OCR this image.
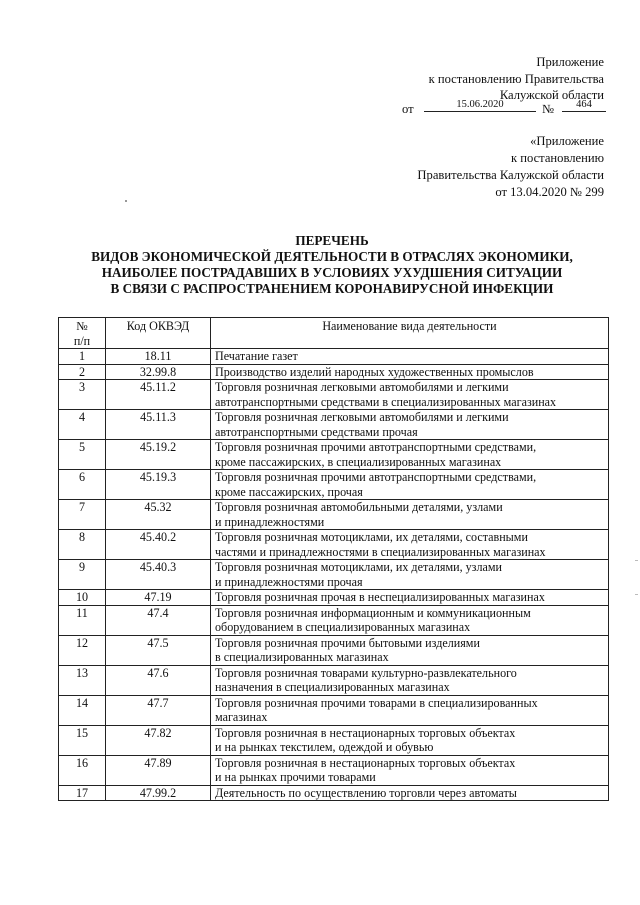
Приложение
к постановлению Правительства
Калужской области
от	15.06.2020	№	464
«Приложение
к постановлению
Правительства Калужской области
от 13.04.2020 № 299
ПЕРЕЧЕНЬ
ВИДОВ ЭКОНОМИЧЕСКОЙ ДЕЯТЕЛЬНОСТИ В ОТРАСЛЯХ ЭКОНОМИКИ,
НАИБОЛЕЕ ПОСТРАДАВШИХ В УСЛОВИЯХ УХУДШЕНИЯ СИТУАЦИИ
В СВЯЗИ С РАСПРОСТРАНЕНИЕМ КОРОНАВИРУСНОЙ ИНФЕКЦИИ
№
п/п	Код ОКВЭД	Наименование вида деятельности
1	18.11	Печатание газет

2	32.99.8	Производство изделий народных художественных промыслов

3	45.11.2	Торговля розничная легковыми автомобилями и легкими
автотранспортными средствами в специализированных магазинах

4	45.11.3	Торговля розничная легковыми автомобилями и легкими
автотранспортными средствами прочая

5	45.19.2	Торговля розничная прочими автотранспортными средствами,
кроме пассажирских, в специализированных магазинах

6	45.19.3	Торговля розничная прочими автотранспортными средствами,
кроме пассажирских, прочая

7	45.32	Торговля розничная автомобильными деталями, узлами
и принадлежностями

8	45.40.2	Торговля розничная мотоциклами, их деталями, составными
частями и принадлежностями в специализированных магазинах

9	45.40.3	Торговля розничная мотоциклами, их деталями, узлами
и принадлежностями прочая

10	47.19	Торговля розничная прочая в неспециализированных магазинах

11	47.4	Торговля розничная информационным и коммуникационным
оборудованием в специализированных магазинах

12	47.5	Торговля розничная прочими бытовыми изделиями
в специализированных магазинах

13	47.6	Торговля розничная товарами культурно-развлекательного
назначения в специализированных магазинах

14	47.7	Торговля розничная прочими товарами в специализированных
магазинах

15	47.82	Торговля розничная в нестационарных торговых объектах
и на рынках текстилем, одеждой и обувью

16	47.89	Торговля розничная в нестационарных торговых объектах
и на рынках прочими товарами

17	47.99.2	Деятельность по осуществлению торговли через автоматы
